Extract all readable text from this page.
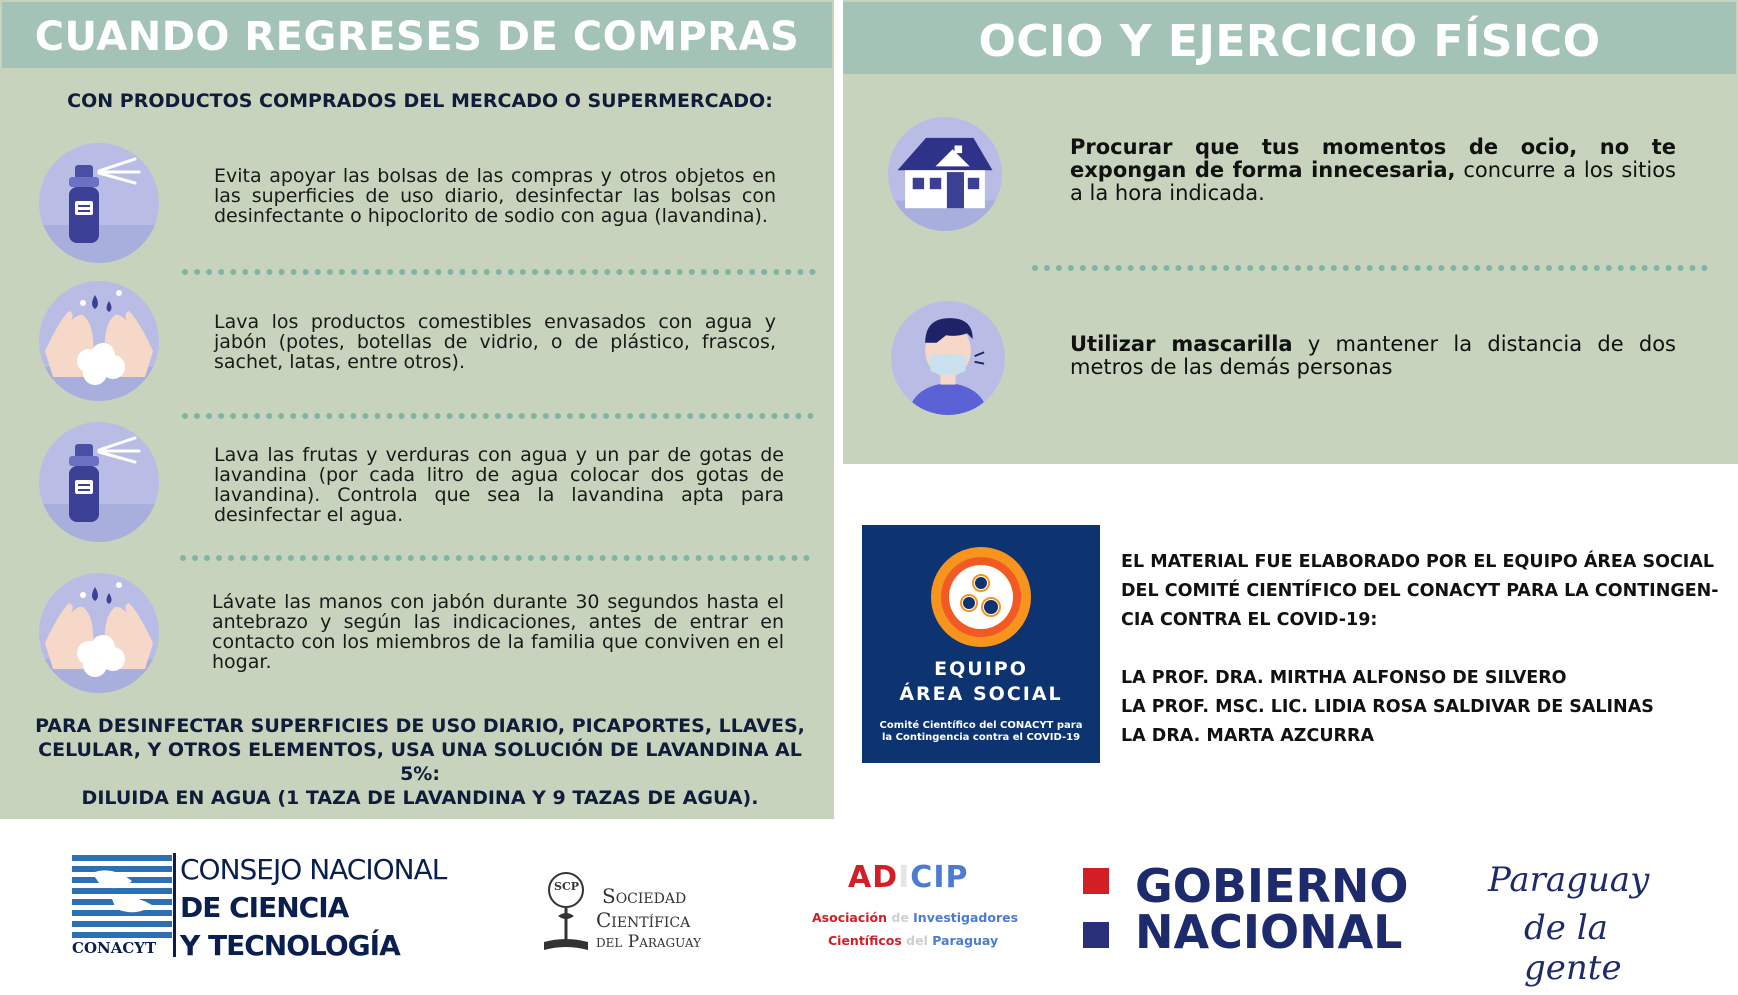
CUANDO REGRESES DE COMPRAS
CON PRODUCTOS COMPRADOS DEL MERCADO O SUPERMERCADO:
Evita apoyar las bolsas de las compras y otros objetos en las superficies de uso diario, desinfectar las bolsas con desinfectante o hipoclorito de sodio con agua (lavandina).
Lava los productos comestibles envasados con agua y jabón (potes, botellas de vidrio, o de plástico, frascos, sachet, latas, entre otros).
Lava las frutas y verduras con agua y un par de gotas de lavandina (por cada litro de agua colocar dos gotas de lavandina). Controla que sea la lavandina apta para desinfectar el agua.
Lávate las manos con jabón durante 30 segundos hasta el antebrazo y según las indicaciones, antes de entrar en contacto con los miembros de la familia que conviven en el hogar.
PARA DESINFECTAR SUPERFICIES DE USO DIARIO, PICAPORTES, LLAVES,
CELULAR, Y OTROS ELEMENTOS, USA UNA SOLUCIÓN DE LAVANDINA AL 5%:
DILUIDA EN AGUA (1 TAZA DE LAVANDINA Y 9 TAZAS DE AGUA).
OCIO Y EJERCICIO FÍSICO
Procurar que tus momentos de ocio, no te expongan de forma innecesaria, concurre a los sitios a la hora indicada.
Utilizar mascarilla y mantener la distancia de dos metros de las demás personas
EQUIPO
ÁREA SOCIAL
Comité Científico del CONACYT para
la Contingencia contra el COVID-19
EL MATERIAL FUE ELABORADO POR EL EQUIPO ÁREA SOCIAL
DEL COMITÉ CIENTÍFICO DEL CONACYT PARA LA CONTINGEN-
CIA CONTRA EL COVID-19:
LA PROF. DRA. MIRTHA ALFONSO DE SILVERO
LA PROF. MSC. LIC. LIDIA ROSA SALDIVAR DE SALINAS
LA DRA. MARTA AZCURRA
CONACYT
CONSEJO NACIONAL
DE CIENCIA
Y TECNOLOGÍA
SCP Sociedad
Científica
del Paraguay
ADICIP
Asociación de Investigadores
Científicos del Paraguay
GOBIERNO
NACIONAL
Paraguay
de la gente
